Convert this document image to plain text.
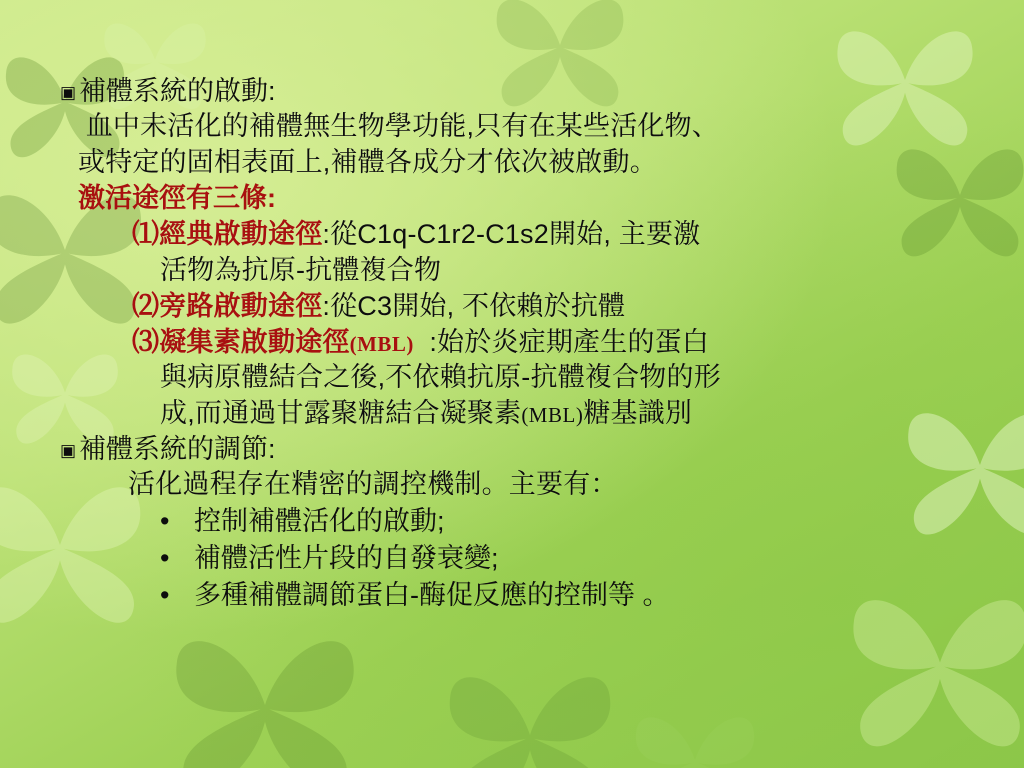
▣ 補體系統的啟動:
血中未活化的補體無生物學功能,只有在某些活化物、
或特定的固相表面上,補體各成分才依次被啟動。
激活途徑有三條:
⑴經典啟動途徑:從C1q-C1r2-C1s2開始, 主要激
活物為抗原-抗體複合物
⑵旁路啟動途徑:從C3開始, 不依賴於抗體
⑶凝集素啟動途徑(MBL)  :始於炎症期產生的蛋白
與病原體結合之後,不依賴抗原-抗體複合物的形
成,而通過甘露聚糖結合凝聚素(MBL)糖基識別
▣ 補體系統的調節:
活化過程存在精密的調控機制。主要有：
• 控制補體活化的啟動;
• 補體活性片段的自發衰變;
• 多種補體調節蛋白-酶促反應的控制等 。
